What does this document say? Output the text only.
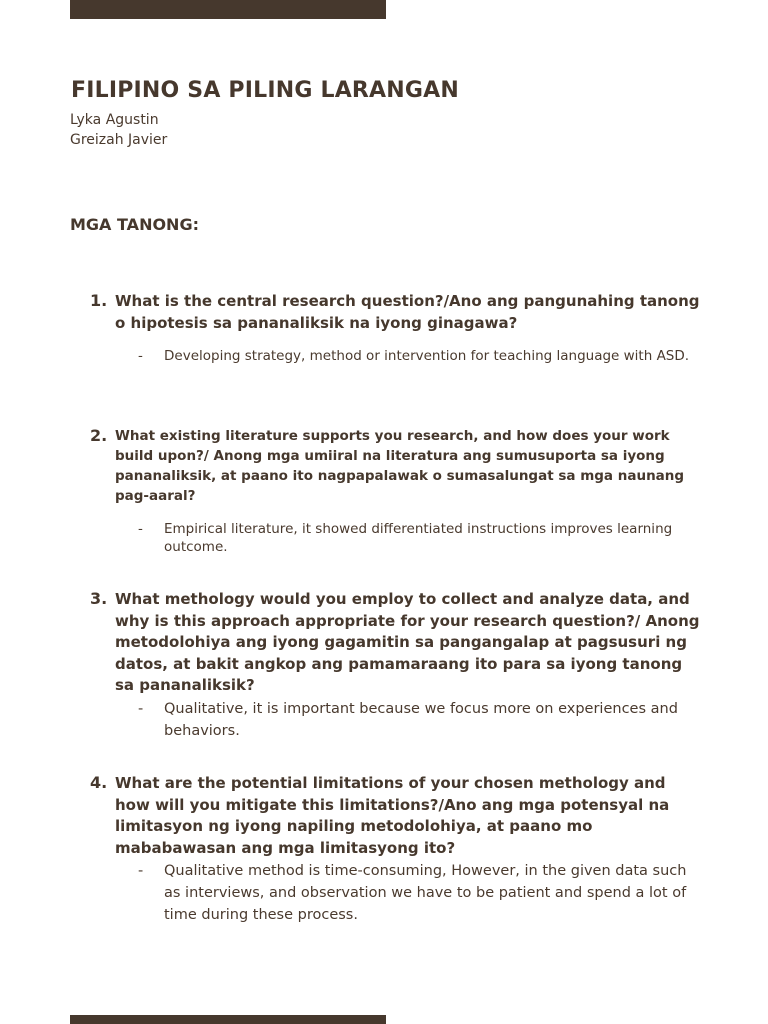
FILIPINO SA PILING LARANGAN
Lyka Agustin
Greizah Javier
MGA TANONG:
1. What is the central research question?/Ano ang pangunahing tanong o hipotesis sa pananaliksik na iyong ginagawa?
- Developing strategy, method or intervention for teaching language with ASD.
2. What existing literature supports you research, and how does your work build upon?/ Anong mga umiiral na literatura ang sumusuporta sa iyong pananaliksik, at paano ito nagpapalawak o sumasalungat sa mga naunang pag-aaral?
- Empirical literature, it showed differentiated instructions improves learning outcome.
3. What methology would you employ to collect and analyze data, and why is this approach appropriate for your research question?/ Anong metodolohiya ang iyong gagamitin sa pangangalap at pagsusuri ng datos, at bakit angkop ang pamamaraang ito para sa iyong tanong sa pananaliksik?
- Qualitative, it is important because we focus more on experiences and behaviors.
4. What are the potential limitations of your chosen methology and how will you mitigate this limitations?/Ano ang mga potensyal na limitasyon ng iyong napiling metodolohiya, at paano mo mababawasan ang mga limitasyong ito?
- Qualitative method is time-consuming, However, in the given data such as interviews, and observation we have to be patient and spend a lot of time during these process.
